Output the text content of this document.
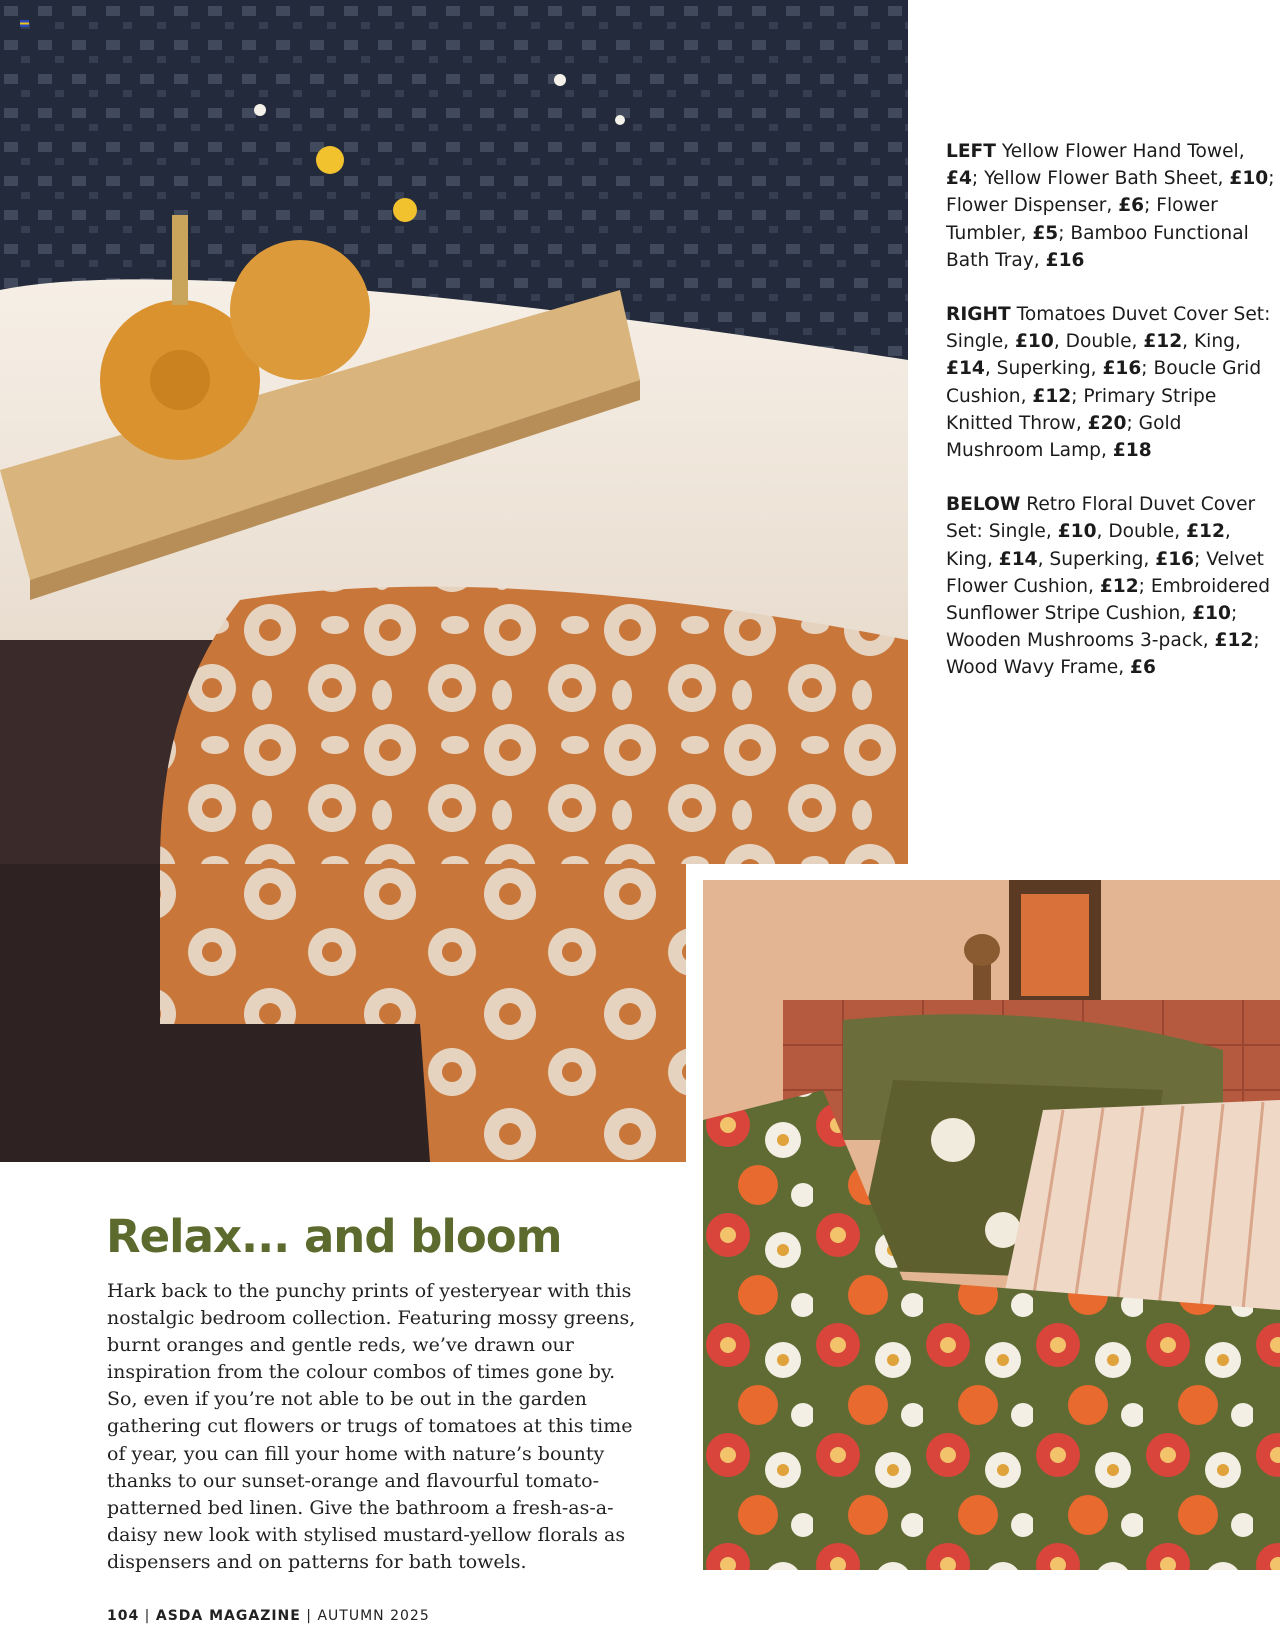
LEFT Yellow Flower Hand Towel, £4; Yellow Flower Bath Sheet, £10; Flower Dispenser, £6; Flower Tumbler, £5; Bamboo Functional Bath Tray, £16

RIGHT Tomatoes Duvet Cover Set: Single, £10, Double, £12, King, £14, Superking, £16; Boucle Grid Cushion, £12; Primary Stripe Knitted Throw, £20; Gold Mushroom Lamp, £18

BELOW Retro Floral Duvet Cover Set: Single, £10, Double, £12, King, £14, Superking, £16; Velvet Flower Cushion, £12; Embroidered Sunflower Stripe Cushion, £10; Wooden Mushrooms 3-pack, £12; Wood Wavy Frame, £6

Relax... and bloom

Hark back to the punchy prints of yesteryear with this nostalgic bedroom collection. Featuring mossy greens, burnt oranges and gentle reds, we’ve drawn our inspiration from the colour combos of times gone by. So, even if you’re not able to be out in the garden gathering cut flowers or trugs of tomatoes at this time of year, you can fill your home with nature’s bounty thanks to our sunset-orange and flavourful tomato-patterned bed linen. Give the bathroom a fresh-as-a-daisy new look with stylised mustard-yellow florals as dispensers and on patterns for bath towels.

104 | ASDA MAGAZINE | AUTUMN 2025
